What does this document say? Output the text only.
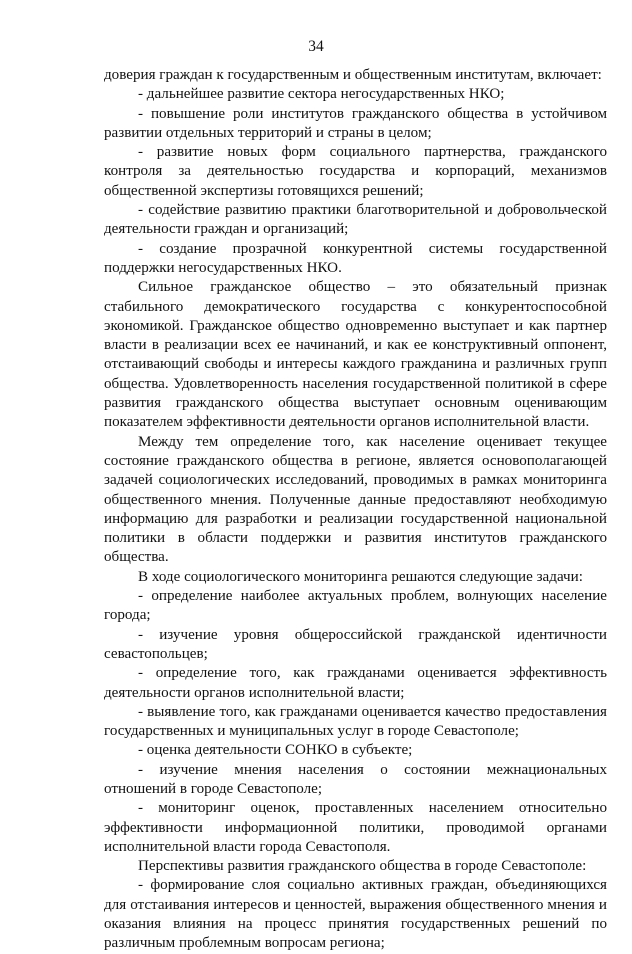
34

доверия граждан к государственным и общественным институтам, включает:

- дальнейшее развитие сектора негосударственных НКО;

- повышение роли институтов гражданского общества в устойчивом развитии отдельных территорий и страны в целом;

- развитие новых форм социального партнерства, гражданского контроля за деятельностью государства и корпораций, механизмов общественной экспертизы готовящихся решений;

- содействие развитию практики благотворительной и добровольческой деятельности граждан и организаций;

- создание прозрачной конкурентной системы государственной поддержки негосударственных НКО.

Сильное гражданское общество – это обязательный признак стабильного демократического государства с конкурентоспособной экономикой. Гражданское общество одновременно выступает и как партнер власти в реализации всех ее начинаний, и как ее конструктивный оппонент, отстаивающий свободы и интересы каждого гражданина и различных групп общества. Удовлетворенность населения государственной политикой в сфере развития гражданского общества выступает основным оценивающим показателем эффективности деятельности органов исполнительной власти.

Между тем определение того, как население оценивает текущее состояние гражданского общества в регионе, является основополагающей задачей социологических исследований, проводимых в рамках мониторинга общественного мнения. Полученные данные предоставляют необходимую информацию для разработки и реализации государственной национальной политики в области поддержки и развития институтов гражданского общества.

В ходе социологического мониторинга решаются следующие задачи:

- определение наиболее актуальных проблем, волнующих население города;

- изучение уровня общероссийской гражданской идентичности севастопольцев;

- определение того, как гражданами оценивается эффективность деятельности органов исполнительной власти;

- выявление того, как гражданами оценивается качество предоставления государственных и муниципальных услуг в городе Севастополе;

- оценка деятельности СОНКО в субъекте;

- изучение мнения населения о состоянии межнациональных отношений в городе Севастополе;

- мониторинг оценок, проставленных населением относительно эффективности информационной политики, проводимой органами исполнительной власти города Севастополя.

Перспективы развития гражданского общества в городе Севастополе:

- формирование слоя социально активных граждан, объединяющихся для отстаивания интересов и ценностей, выражения общественного мнения и оказания влияния на процесс принятия государственных решений по различным проблемным вопросам региона;
